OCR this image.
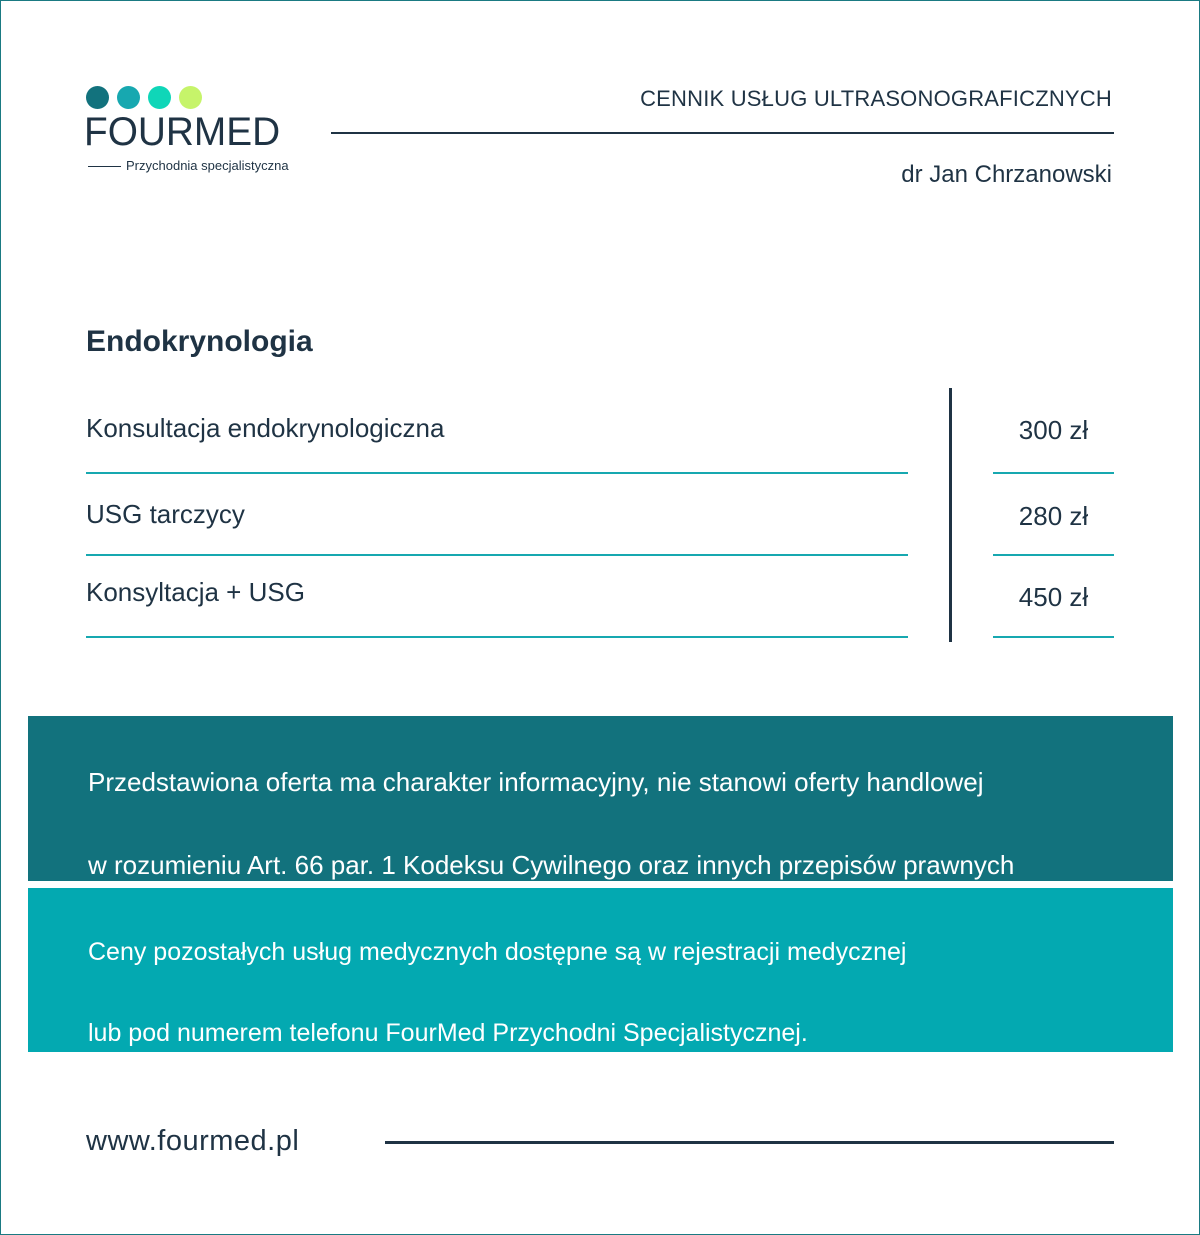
FOURMED
Przychodnia specjalistyczna
CENNIK USŁUG ULTRASONOGRAFICZNYCH
dr Jan Chrzanowski
Endokrynologia
Konsultacja endokrynologiczna	300 zł
USG tarczycy	280 zł
Konsyltacja + USG	450 zł

Przedstawiona oferta ma charakter informacyjny, nie stanowi oferty handlowej

w rozumieniu Art. 66 par. 1 Kodeksu Cywilnego oraz innych przepisów prawnych

Ceny pozostałych usług medycznych dostępne są w rejestracji medycznej

lub pod numerem telefonu FourMed Przychodni Specjalistycznej.

www.fourmed.pl
